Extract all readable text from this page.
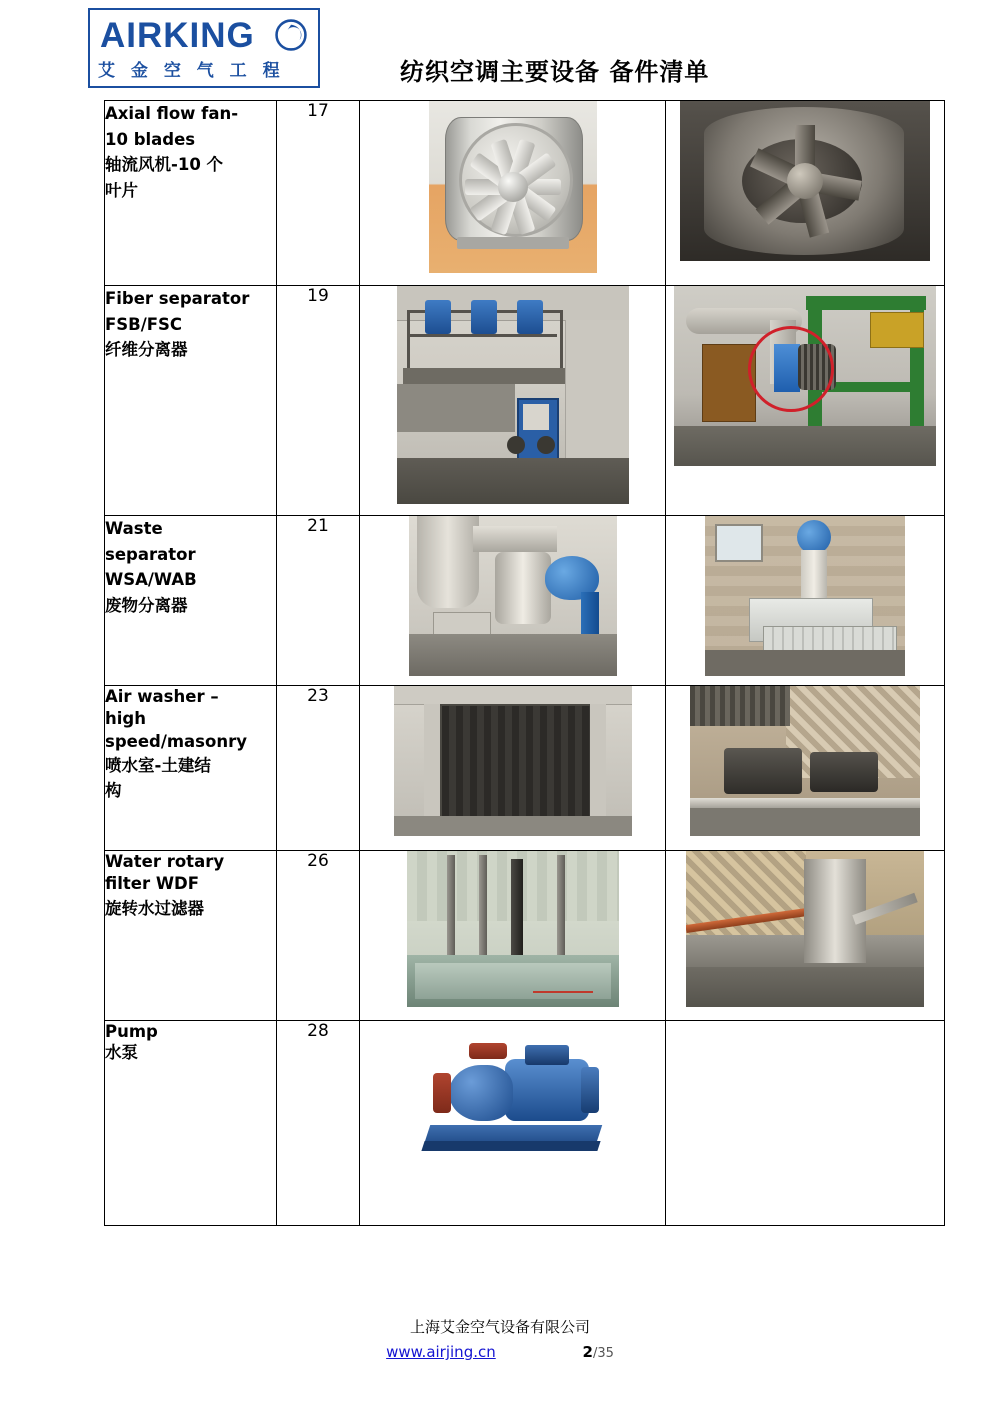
AIRKING
艾 金 空 气 工 程	纺织空调主要设备 备件清单
Axial flow fan-
10 blades
轴流风机-10 个
叶片	17	

Fiber separator
FSB/FSC
纤维分离器	19	

Waste
separator
WSA/WAB
废物分离器	21	

Air washer –
high
speed/masonry
喷水室-土建结
构	23	

Water rotary
filter WDF
旋转水过滤器	26	

Pump
水泵	28	

上海艾金空气设备有限公司
www.airjing.cn	2/35
